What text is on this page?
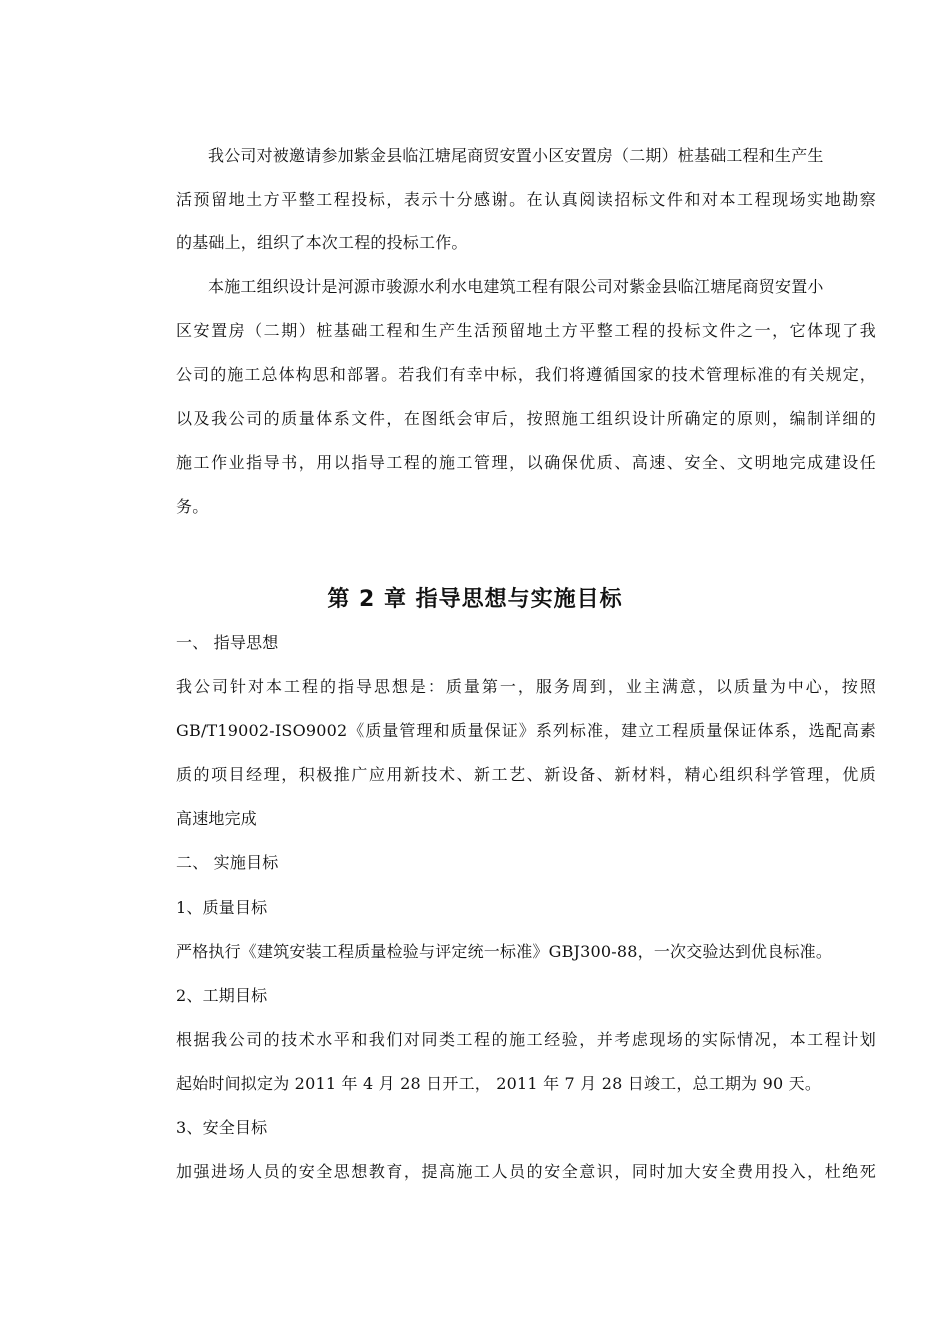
我公司对被邀请参加紫金县临江塘尾商贸安置小区安置房（二期）桩基础工程和生产生
活预留地土方平整工程投标，表示十分感谢。在认真阅读招标文件和对本工程现场实地勘察
的基础上，组织了本次工程的投标工作。
本施工组织设计是河源市骏源水利水电建筑工程有限公司对紫金县临江塘尾商贸安置小
区安置房（二期）桩基础工程和生产生活预留地土方平整工程的投标文件之一，它体现了我
公司的施工总体构思和部署。若我们有幸中标，我们将遵循国家的技术管理标准的有关规定，
以及我公司的质量体系文件，在图纸会审后，按照施工组织设计所确定的原则，编制详细的
施工作业指导书，用以指导工程的施工管理，以确保优质、高速、安全、文明地完成建设任
务。
第 2 章 指导思想与实施目标
一、 指导思想
我公司针对本工程的指导思想是：质量第一，服务周到，业主满意，以质量为中心，按照
GB/T19002-ISO9002《质量管理和质量保证》系列标准，建立工程质量保证体系，选配高素
质的项目经理，积极推广应用新技术、新工艺、新设备、新材料，精心组织科学管理，优质
高速地完成
二、 实施目标
1、质量目标
严格执行《建筑安装工程质量检验与评定统一标准》GBJ300-88，一次交验达到优良标准。
2、工期目标
根据我公司的技术水平和我们对同类工程的施工经验，并考虑现场的实际情况，本工程计划
起始时间拟定为 2011 年 4 月 28 日开工， 2011 年 7 月 28 日竣工，总工期为 90 天。
3、安全目标
加强进场人员的安全思想教育，提高施工人员的安全意识，同时加大安全费用投入，杜绝死
